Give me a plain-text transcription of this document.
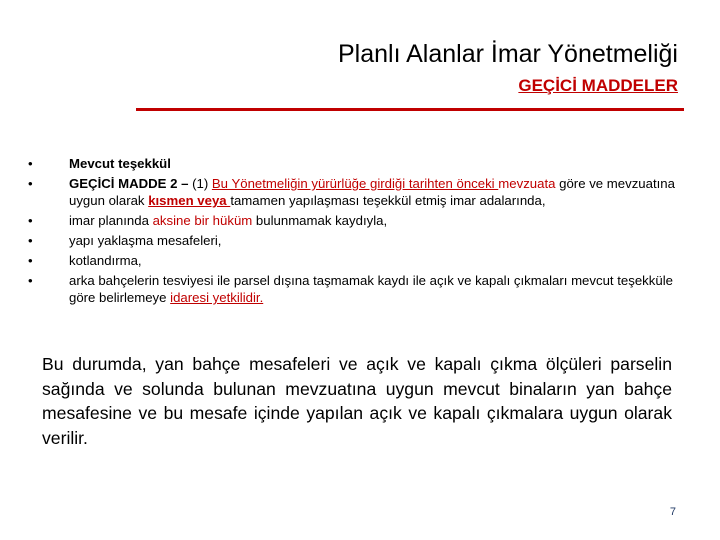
Planlı Alanlar İmar Yönetmeliği
GEÇİCİ MADDELER
•	Mevcut teşekkül
•	GEÇİCİ MADDE 2 – (1) Bu Yönetmeliğin yürürlüğe girdiği tarihten önceki mevzuata göre ve mevzuatına uygun olarak kısmen veya tamamen yapılaşması teşekkül etmiş imar adalarında,
•	imar planında aksine bir hüküm bulunmamak kaydıyla,
•	yapı yaklaşma mesafeleri,
•	kotlandırma,
•	arka bahçelerin tesviyesi ile parsel dışına taşmamak kaydı ile açık ve kapalı çıkmaları mevcut teşekküle göre belirlemeye idaresi yetkilidir.

Bu durumda, yan bahçe mesafeleri ve açık ve kapalı çıkma ölçüleri parselin sağında ve solunda bulunan mevzuatına uygun mevcut binaların yan bahçe mesafesine ve bu mesafe içinde yapılan açık ve kapalı çıkmalara uygun olarak verilir.

7
